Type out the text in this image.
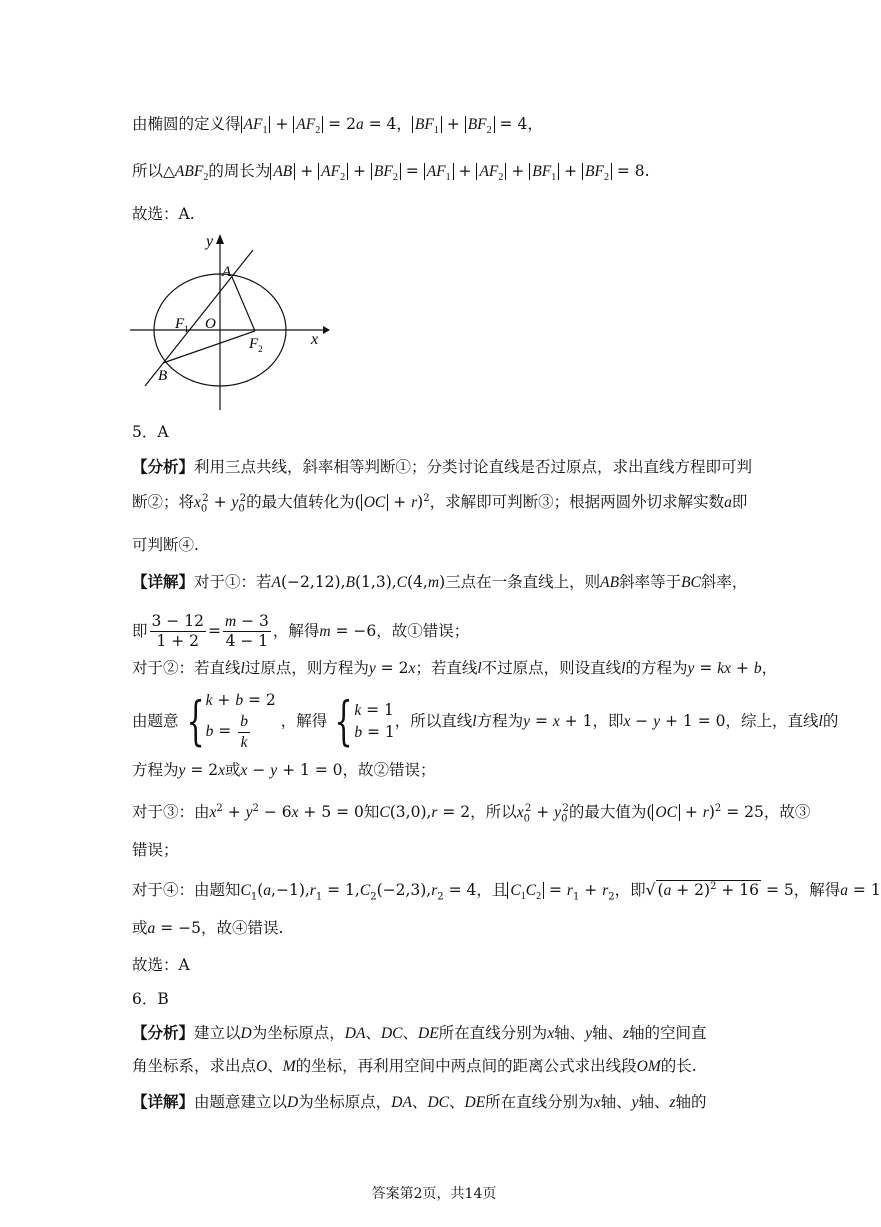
由椭圆的定义得 $AF_1 + AF_2 = 2a = 4$， $BF_1 + BF_2 = 4$，
所以$\triangle ABF_2$的周长为 AB + $AF_2 + BF_2 = AF_1 + AF_2 + BF_1 + BF_2 = 8$.
故选：A.
y
x
A
$F_1$ O
$F_2$
B
5．A
【分析】利用三点共线，斜率相等判断①；分类讨论直线是否过原点，求出直线方程即可判
断②；将$x_0^2 + y_0^2$的最大值转化为( OC + r)$^2$，求解即可判断③；根据两圆外切求解实数a即
可判断④.
【详解】对于①：若A(−2,12),B(1,3),C(4,m)三点在一条直线上，则AB斜率等于BC斜率，
即 $\frac{3 - 12}{1 + 2} = \frac{m - 3}{4 - 1}$ ，解得m = −6，故①错误；
对于②：若直线l过原点，则方程为y = 2x；若直线l不过原点，则设直线l的方程为y = kx + b，
由题意 { k + b = 2
$b = \frac{b}{k}$ ，解得 { k = 1
b = 1
，所以直线l方程为y = x + 1，即x − y + 1 = 0，综上，直线l的
方程为y = 2x或x − y + 1 = 0，故②错误；
对于③：由$x^2 + y^2 - 6x + 5 = 0$知C(3,0),r = 2，所以$x_0^2 + y_0^2$的最大值为( OC + r)$^2$ = 25，故③
错误；
对于④：由题知$C_1(a,-1),r_1 = 1,C_2(-2,3),r_2 = 4$，且 $C_1C_2 = r_1 + r_2$，即√ $(a + 2)^2 + 16 = 5$，解得a = 1
或a = −5，故④错误.
故选：A
6．B
【分析】建立以D为坐标原点，DA、DC、DE所在直线分别为x轴、y轴、z轴的空间直
角坐标系，求出点O、M的坐标，再利用空间中两点间的距离公式求出线段OM的长.
【详解】由题意建立以D为坐标原点，DA、DC、DE所在直线分别为x轴、y轴、z轴的
答案第2页，共14页
